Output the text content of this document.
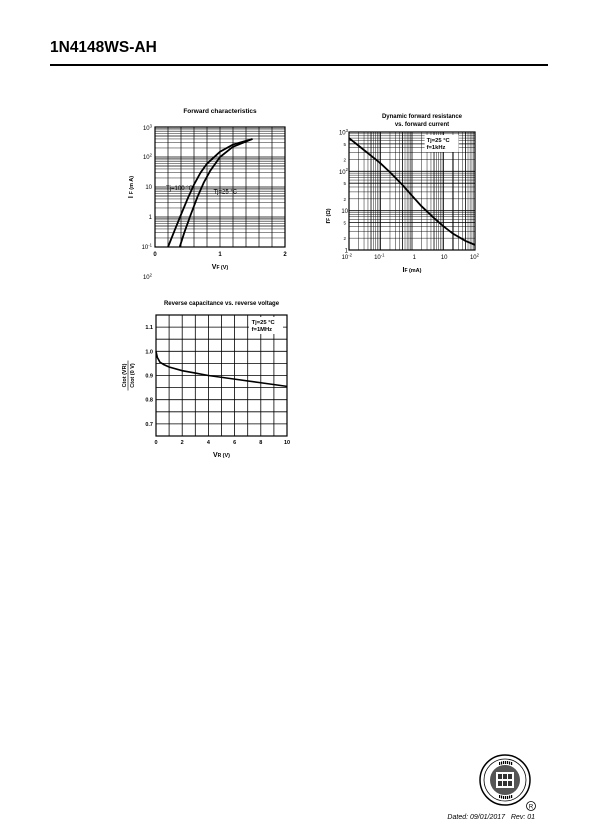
1N4148WS-AH
Forward characteristics
0	1	2
$10^3$
$10^2$
10
1
$10^2$
$10^{-1}$
Tj=100 °C
Tj=25 °C
VF (V)
I F (m A)
Dynamic forward resistance
vs. forward current
Tj=25 °C
f=1kHz
$10^{-2}$
$10^{-1}$
1	10	$10^2$
$10^3$
$10^2$
10
1
5
2
5
2
5
2
IF (mA)
rF (Ω)
Reverse capacitance vs. reverse voltage
Tj=25 °C
f=1MHz
0	2	4	6	8	10
1.1
1.0
0.9
0.8
0.7
VR (V)
Ctot (VR) Ctot (0 V)
R
Dated: 09/01/2017 Rev: 01
